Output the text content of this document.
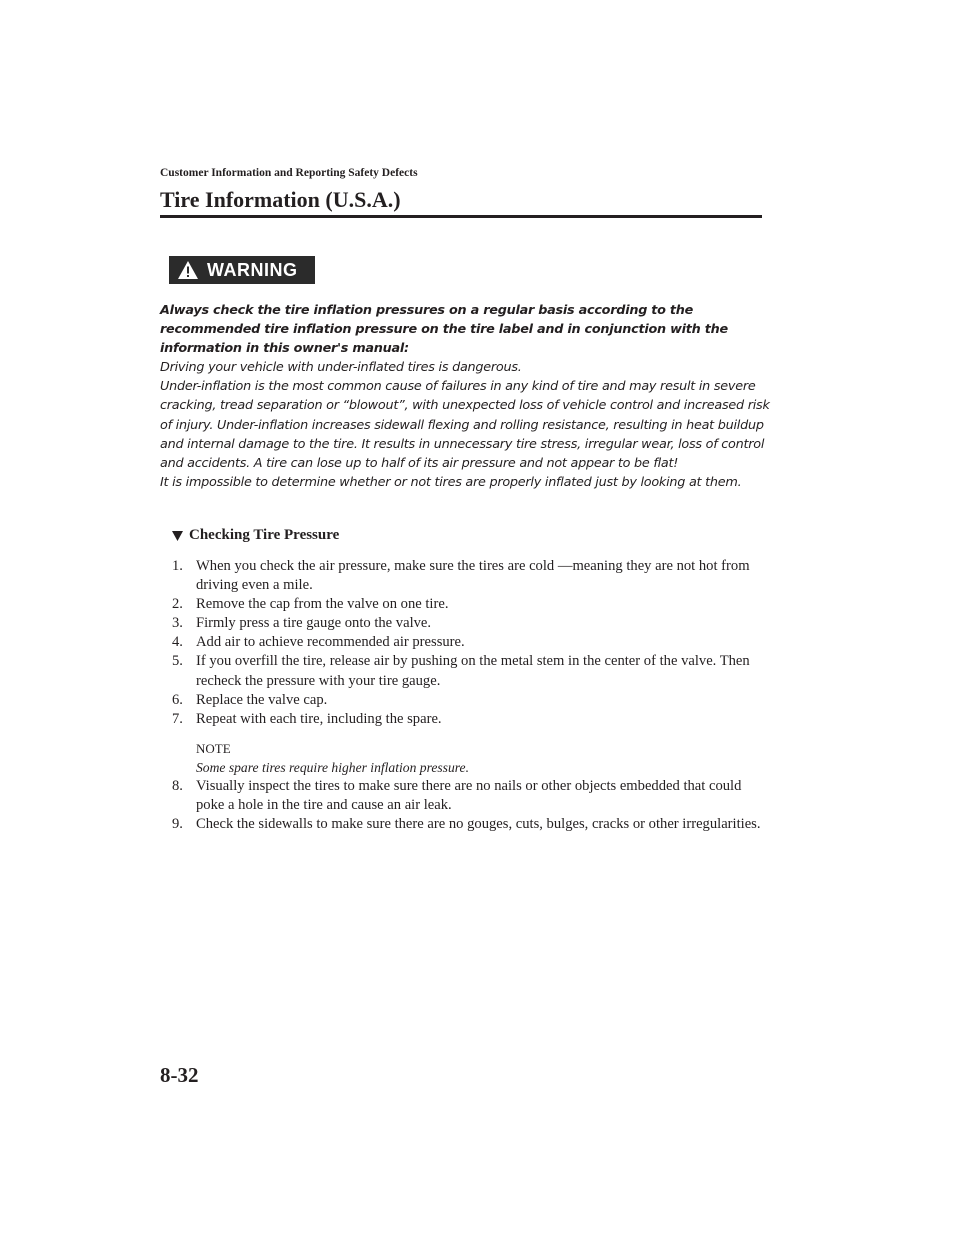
Customer Information and Reporting Safety Defects
Tire Information (U.S.A.)
WARNING

Always check the tire inflation pressures on a regular basis according to the recommended tire inflation pressure on the tire label and in conjunction with the information in this owner's manual:

Driving your vehicle with under-inflated tires is dangerous.

Under-inflation is the most common cause of failures in any kind of tire and may result in severe cracking, tread separation or “blowout”, with unexpected loss of vehicle control and increased risk of injury. Under-inflation increases sidewall flexing and rolling resistance, resulting in heat buildup and internal damage to the tire. It results in unnecessary tire stress, irregular wear, loss of control and accidents. A tire can lose up to half of its air pressure and not appear to be flat!

It is impossible to determine whether or not tires are properly inflated just by looking at them.

Checking Tire Pressure
1. When you check the air pressure, make sure the tires are cold ―meaning they are not hot from driving even a mile.
2. Remove the cap from the valve on one tire.
3. Firmly press a tire gauge onto the valve.
4. Add air to achieve recommended air pressure.
5. If you overfill the tire, release air by pushing on the metal stem in the center of the valve. Then recheck the pressure with your tire gauge.
6. Replace the valve cap.
7. Repeat with each tire, including the spare.
NOTE
Some spare tires require higher inflation pressure.
8. Visually inspect the tires to make sure there are no nails or other objects embedded that could poke a hole in the tire and cause an air leak.
9. Check the sidewalls to make sure there are no gouges, cuts, bulges, cracks or other irregularities.
8-32
